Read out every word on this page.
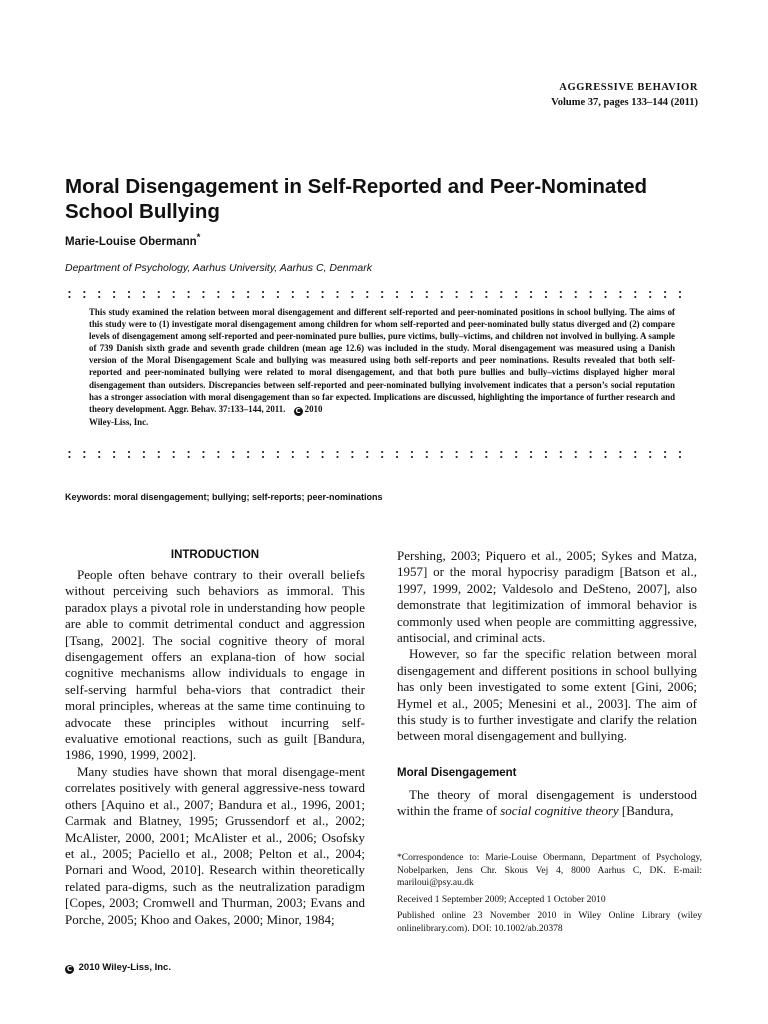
AGGRESSIVE BEHAVIOR
Volume 37, pages 133–144 (2011)
Moral Disengagement in Self-Reported and Peer-Nominated School Bullying
Marie-Louise Obermann*
Department of Psychology, Aarhus University, Aarhus C, Denmark

This study examined the relation between moral disengagement and different self-reported and peer-nominated positions in school bullying. The aims of this study were to (1) investigate moral disengagement among children for whom self-reported and peer-nominated bully status diverged and (2) compare levels of disengagement among self-reported and peer-nominated pure bullies, pure victims, bully–victims, and children not involved in bullying. A sample of 739 Danish sixth grade and seventh grade children (mean age 12.6) was included in the study. Moral disengagement was measured using a Danish version of the Moral Disengagement Scale and bullying was measured using both self-reports and peer nominations. Results revealed that both self-reported and peer-nominated bullying were related to moral disengagement, and that both pure bullies and bully–victims displayed higher moral disengagement than outsiders. Discrepancies between self-reported and peer-nominated bullying involvement indicates that a person’s social reputation has a stronger association with moral disengagement than so far expected. Implications are discussed, highlighting the importance of further research and theory development. Aggr. Behav. 37:133–144, 2011. C 2010
Wiley-Liss, Inc.

Keywords: moral disengagement; bullying; self-reports; peer-nominations

INTRODUCTION

People often behave contrary to their overall beliefs without perceiving such behaviors as immoral. This paradox plays a pivotal role in understanding how people are able to commit detrimental conduct and aggression [Tsang, 2002]. The social cognitive theory of moral disengagement offers an explana-tion of how social cognitive mechanisms allow individuals to engage in self-serving harmful beha-viors that contradict their moral principles, whereas at the same time continuing to advocate these principles without incurring self-evaluative emotional reactions, such as guilt [Bandura, 1986, 1990, 1999, 2002].

Many studies have shown that moral disengage-ment correlates positively with general aggressive-ness toward others [Aquino et al., 2007; Bandura et al., 1996, 2001; Carmak and Blatney, 1995; Grussendorf et al., 2002; McAlister, 2000, 2001; McAlister et al., 2006; Osofsky et al., 2005; Paciello et al., 2008; Pelton et al., 2004; Pornari and Wood, 2010]. Research within theoretically related para-digms, such as the neutralization paradigm [Copes, 2003; Cromwell and Thurman, 2003; Evans and Porche, 2005; Khoo and Oakes, 2000; Minor, 1984;

Pershing, 2003; Piquero et al., 2005; Sykes and Matza, 1957] or the moral hypocrisy paradigm [Batson et al., 1997, 1999, 2002; Valdesolo and DeSteno, 2007], also demonstrate that legitimization of immoral behavior is commonly used when people are committing aggressive, antisocial, and criminal acts.

However, so far the specific relation between moral disengagement and different positions in school bullying has only been investigated to some extent [Gini, 2006; Hymel et al., 2005; Menesini et al., 2003]. The aim of this study is to further investigate and clarify the relation between moral disengagement and bullying.

Moral Disengagement

The theory of moral disengagement is understood within the frame of social cognitive theory [Bandura,

*Correspondence to: Marie-Louise Obermann, Department of Psychology, Nobelparken, Jens Chr. Skous Vej 4, 8000 Aarhus C, DK. E-mail: mariloui@psy.au.dk

Received 1 September 2009; Accepted 1 October 2010

Published online 23 November 2010 in Wiley Online Library (wiley onlinelibrary.com). DOI: 10.1002/ab.20378

C 2010 Wiley-Liss, Inc.
